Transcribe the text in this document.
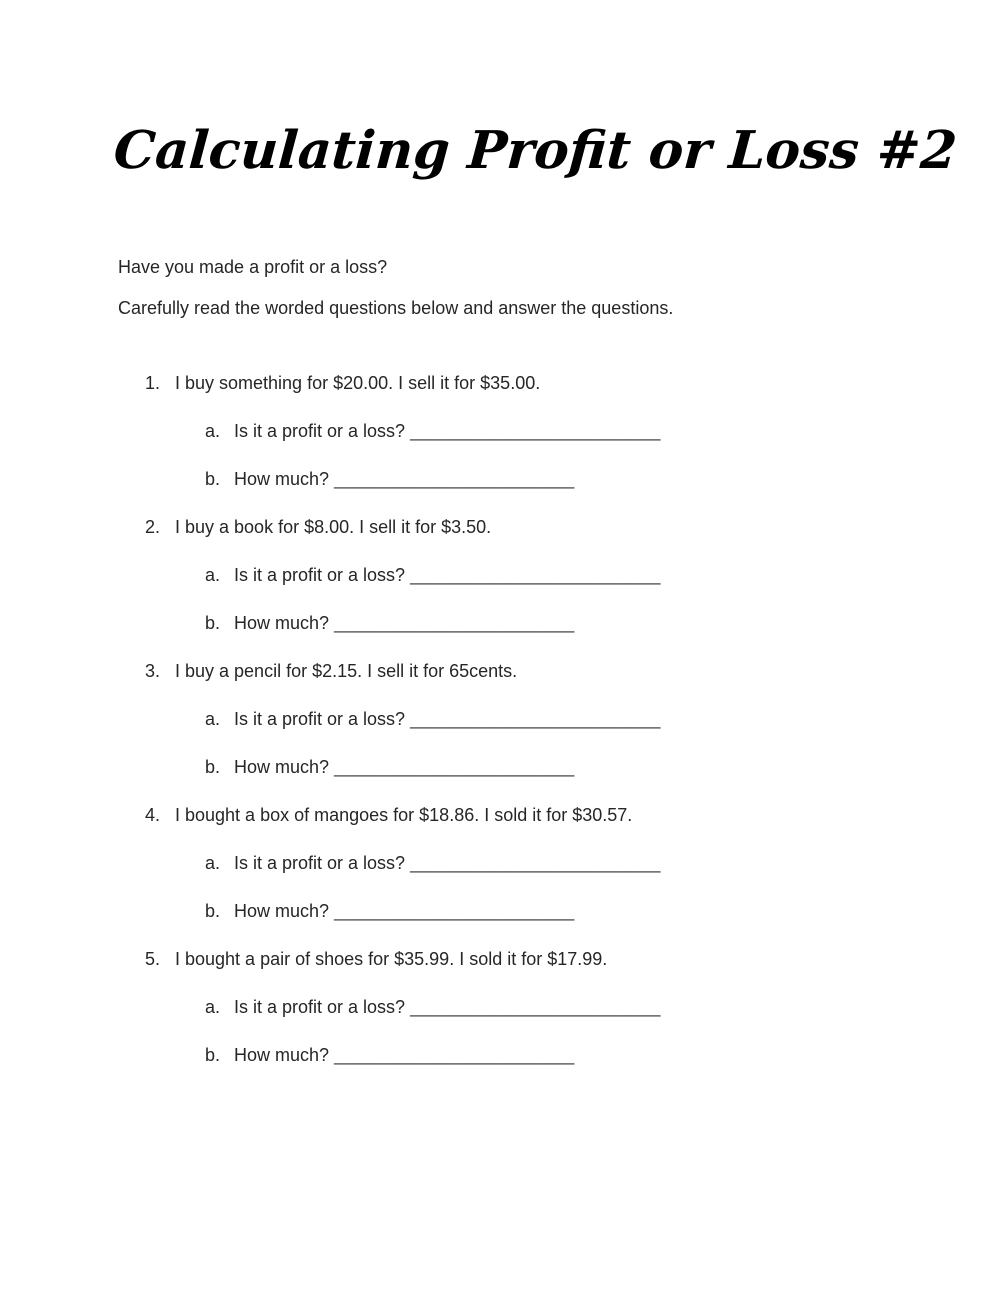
Calculating Profit or Loss #2

Have you made a profit or a loss?

Carefully read the worded questions below and answer the questions.

1. I buy something for $20.00. I sell it for $35.00.
a. Is it a profit or a loss? _________________________
b. How much? ________________________
2. I buy a book for $8.00. I sell it for $3.50.
a. Is it a profit or a loss? _________________________
b. How much? ________________________
3. I buy a pencil for $2.15. I sell it for 65cents.
a. Is it a profit or a loss? _________________________
b. How much? ________________________
4. I bought a box of mangoes for $18.86. I sold it for $30.57.
a. Is it a profit or a loss? _________________________
b. How much? ________________________
5. I bought a pair of shoes for $35.99. I sold it for $17.99.
a. Is it a profit or a loss? _________________________
b. How much? ________________________
